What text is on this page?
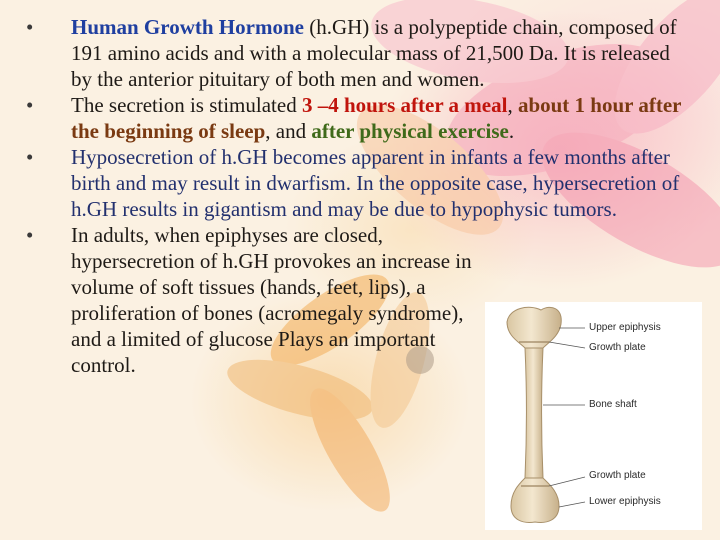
• Human Growth Hormone (h.GH) is a polypeptide chain, composed of 191 amino acids and with a molecular mass of 21,500 Da. It is released by the anterior pituitary of both men and women.
• The secretion is stimulated 3 –4 hours after a meal, about 1 hour after the beginning of sleep, and after physical exercise.
• Hyposecretion of h.GH becomes apparent in infants a few months after birth and may result in dwarfism. In the opposite case, hypersecretion of h.GH results in gigantism and may be due to hypophysic tumors.
• In adults, when epiphyses are closed, hypersecretion of h.GH provokes an increase in volume of soft tissues (hands, feet, lips), a proliferation of bones (acromegaly syndrome), and a limited of glucose Plays an important control.
Upper epiphysis
Growth plate
Bone shaft
Growth plate
Lower epiphysis
